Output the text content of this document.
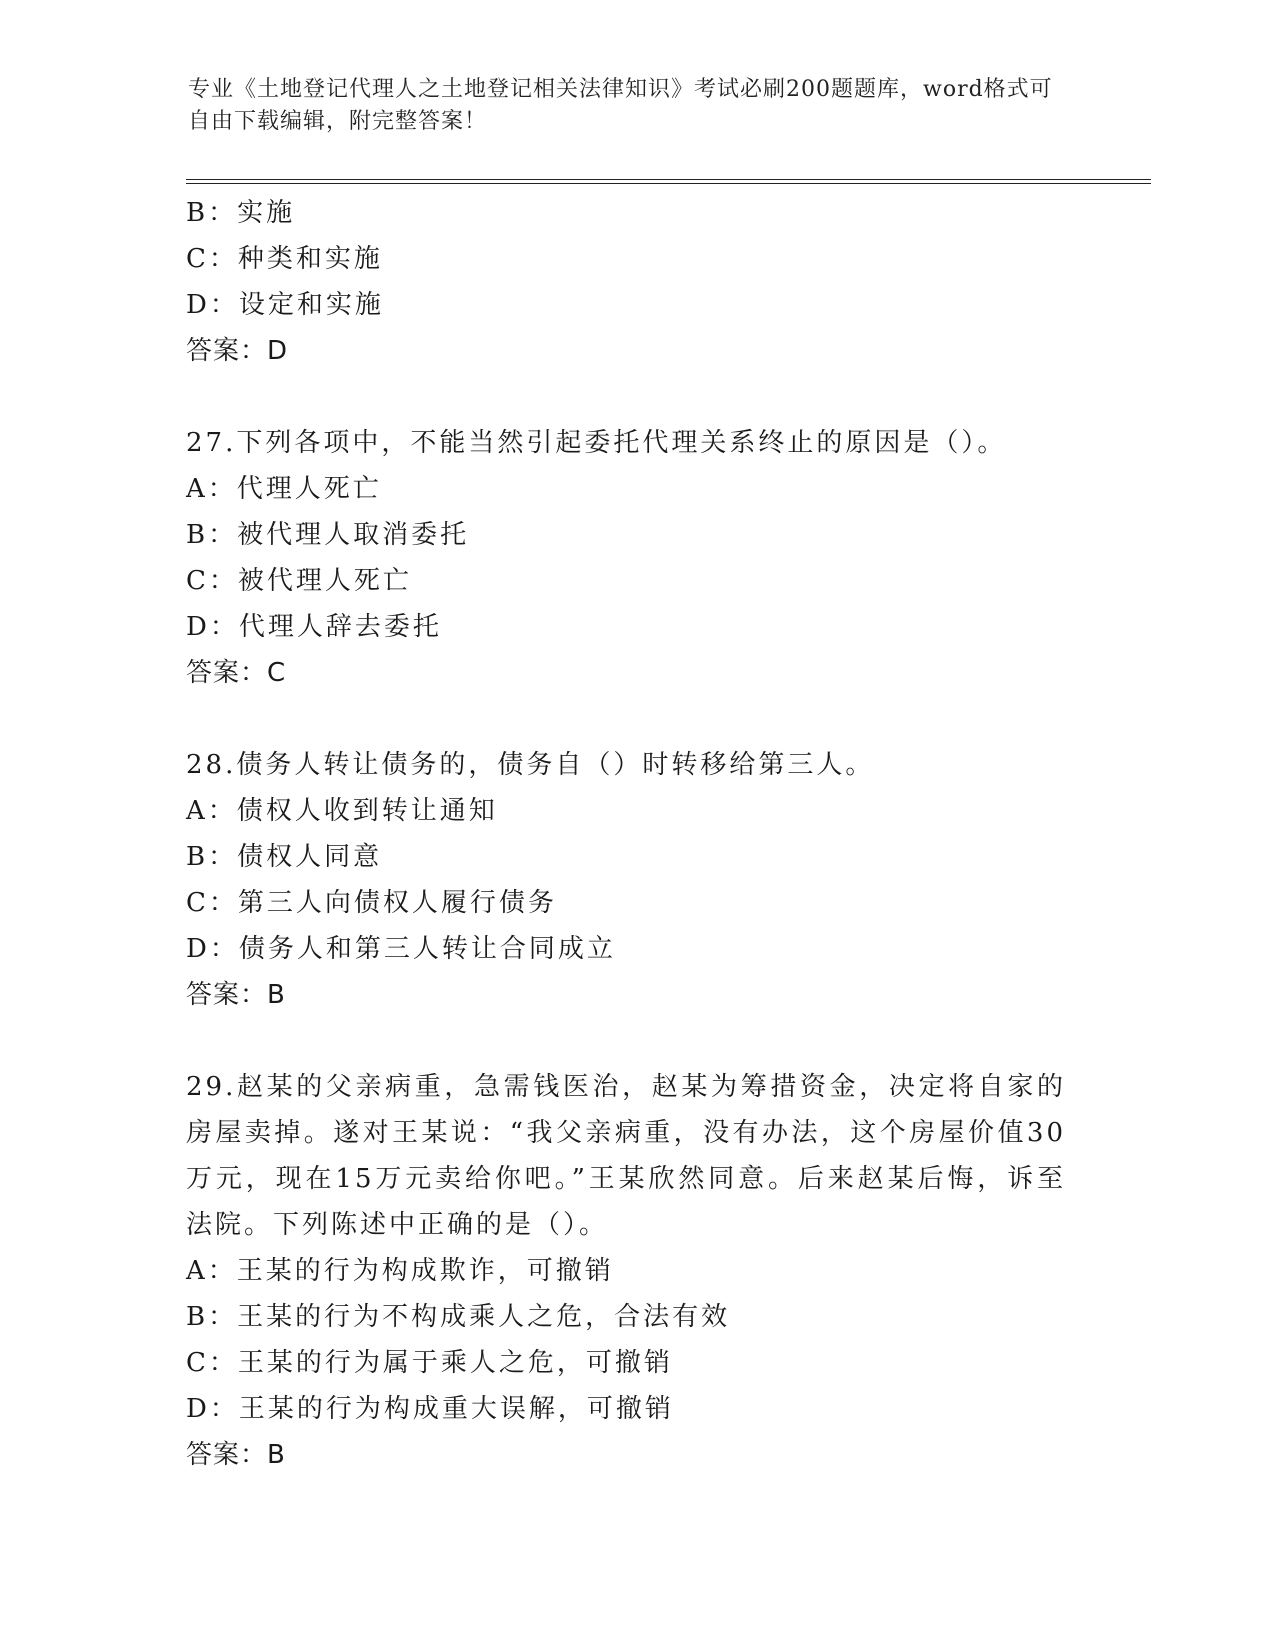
专业《土地登记代理人之土地登记相关法律知识》考试必刷200题题库，word格式可自由下载编辑，附完整答案！
B：实施
C：种类和实施
D：设定和实施
答案：D
27.下列各项中，不能当然引起委托代理关系终止的原因是（）。
A：代理人死亡
B：被代理人取消委托
C：被代理人死亡
D：代理人辞去委托
答案：C
28.债务人转让债务的，债务自（）时转移给第三人。
A：债权人收到转让通知
B：债权人同意
C：第三人向债权人履行债务
D：债务人和第三人转让合同成立
答案：B
29.赵某的父亲病重，急需钱医治，赵某为筹措资金，决定将自家的房屋卖掉。遂对王某说：“我父亲病重，没有办法，这个房屋价值30万元，现在15万元卖给你吧。”王某欣然同意。后来赵某后悔，诉至法院。下列陈述中正确的是（）。
A：王某的行为构成欺诈，可撤销
B：王某的行为不构成乘人之危，合法有效
C：王某的行为属于乘人之危，可撤销
D：王某的行为构成重大误解，可撤销
答案：B
